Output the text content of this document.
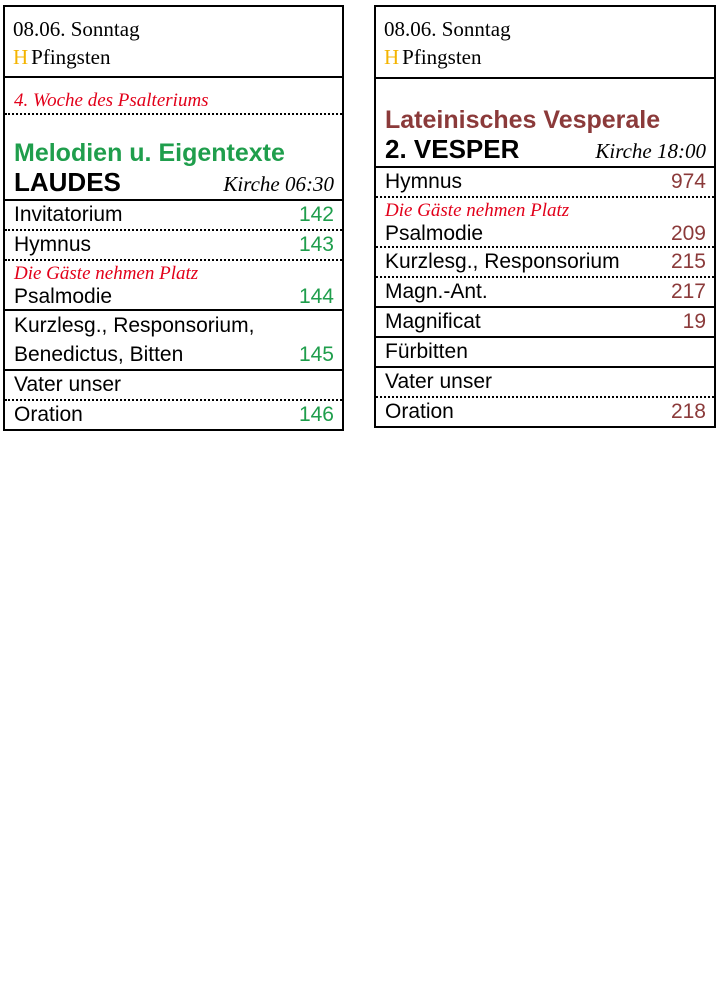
08.06. Sonntag
H Pfingsten
4. Woche des Psalteriums
Melodien u. Eigentexte
LAUDES	Kirche 06:30
Invitatorium	142
Hymnus	143
Die Gäste nehmen Platz
Psalmodie	144
Kurzlesg., Responsorium,
Benedictus, Bitten	145
Vater unser
Oration	146
08.06. Sonntag
H Pfingsten
Lateinisches Vesperale
2. VESPER	Kirche 18:00
Hymnus	974
Die Gäste nehmen Platz
Psalmodie	209
Kurzlesg., Responsorium 215
Magn.-Ant.	217
Magnificat	19
Fürbitten
Vater unser
Oration	218
